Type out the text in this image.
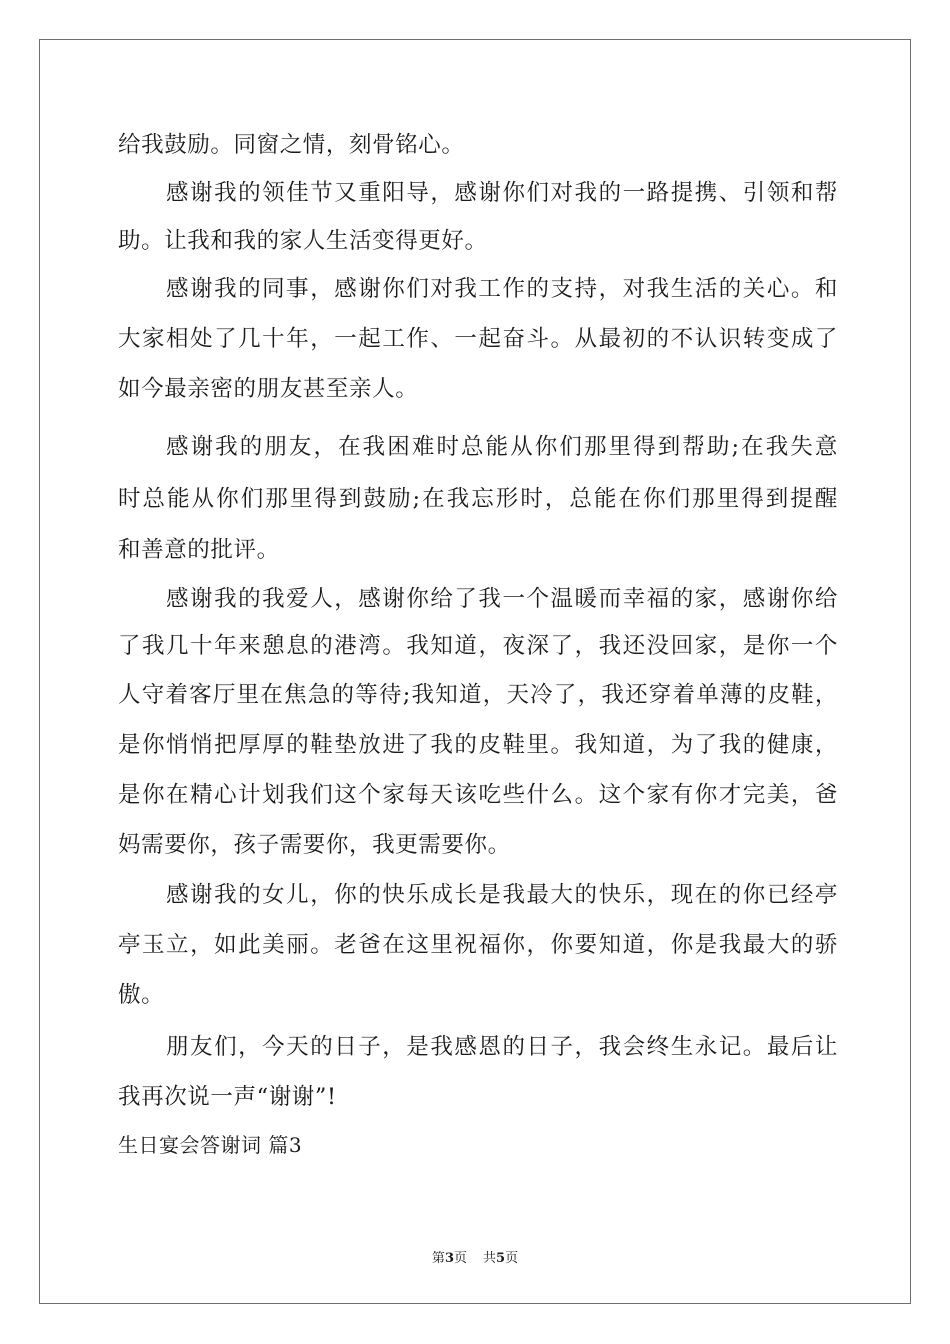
给我鼓励。同窗之情，刻骨铭心。
感谢我的领佳节又重阳导，感谢你们对我的一路提携、引领和帮
助。让我和我的家人生活变得更好。
感谢我的同事，感谢你们对我工作的支持，对我生活的关心。和
大家相处了几十年，一起工作、一起奋斗。从最初的不认识转变成了
如今最亲密的朋友甚至亲人。
感谢我的朋友，在我困难时总能从你们那里得到帮助;在我失意
时总能从你们那里得到鼓励;在我忘形时，总能在你们那里得到提醒
和善意的批评。
感谢我的我爱人，感谢你给了我一个温暖而幸福的家，感谢你给
了我几十年来憩息的港湾。我知道，夜深了，我还没回家，是你一个
人守着客厅里在焦急的等待;我知道，天冷了，我还穿着单薄的皮鞋，
是你悄悄把厚厚的鞋垫放进了我的皮鞋里。我知道，为了我的健康，
是你在精心计划我们这个家每天该吃些什么。这个家有你才完美，爸
妈需要你，孩子需要你，我更需要你。
感谢我的女儿，你的快乐成长是我最大的快乐，现在的你已经亭
亭玉立，如此美丽。老爸在这里祝福你，你要知道，你是我最大的骄
傲。
朋友们，今天的日子，是我感恩的日子，我会终生永记。最后让
我再次说一声“谢谢”!
生日宴会答谢词 篇3
第3页 共5页
